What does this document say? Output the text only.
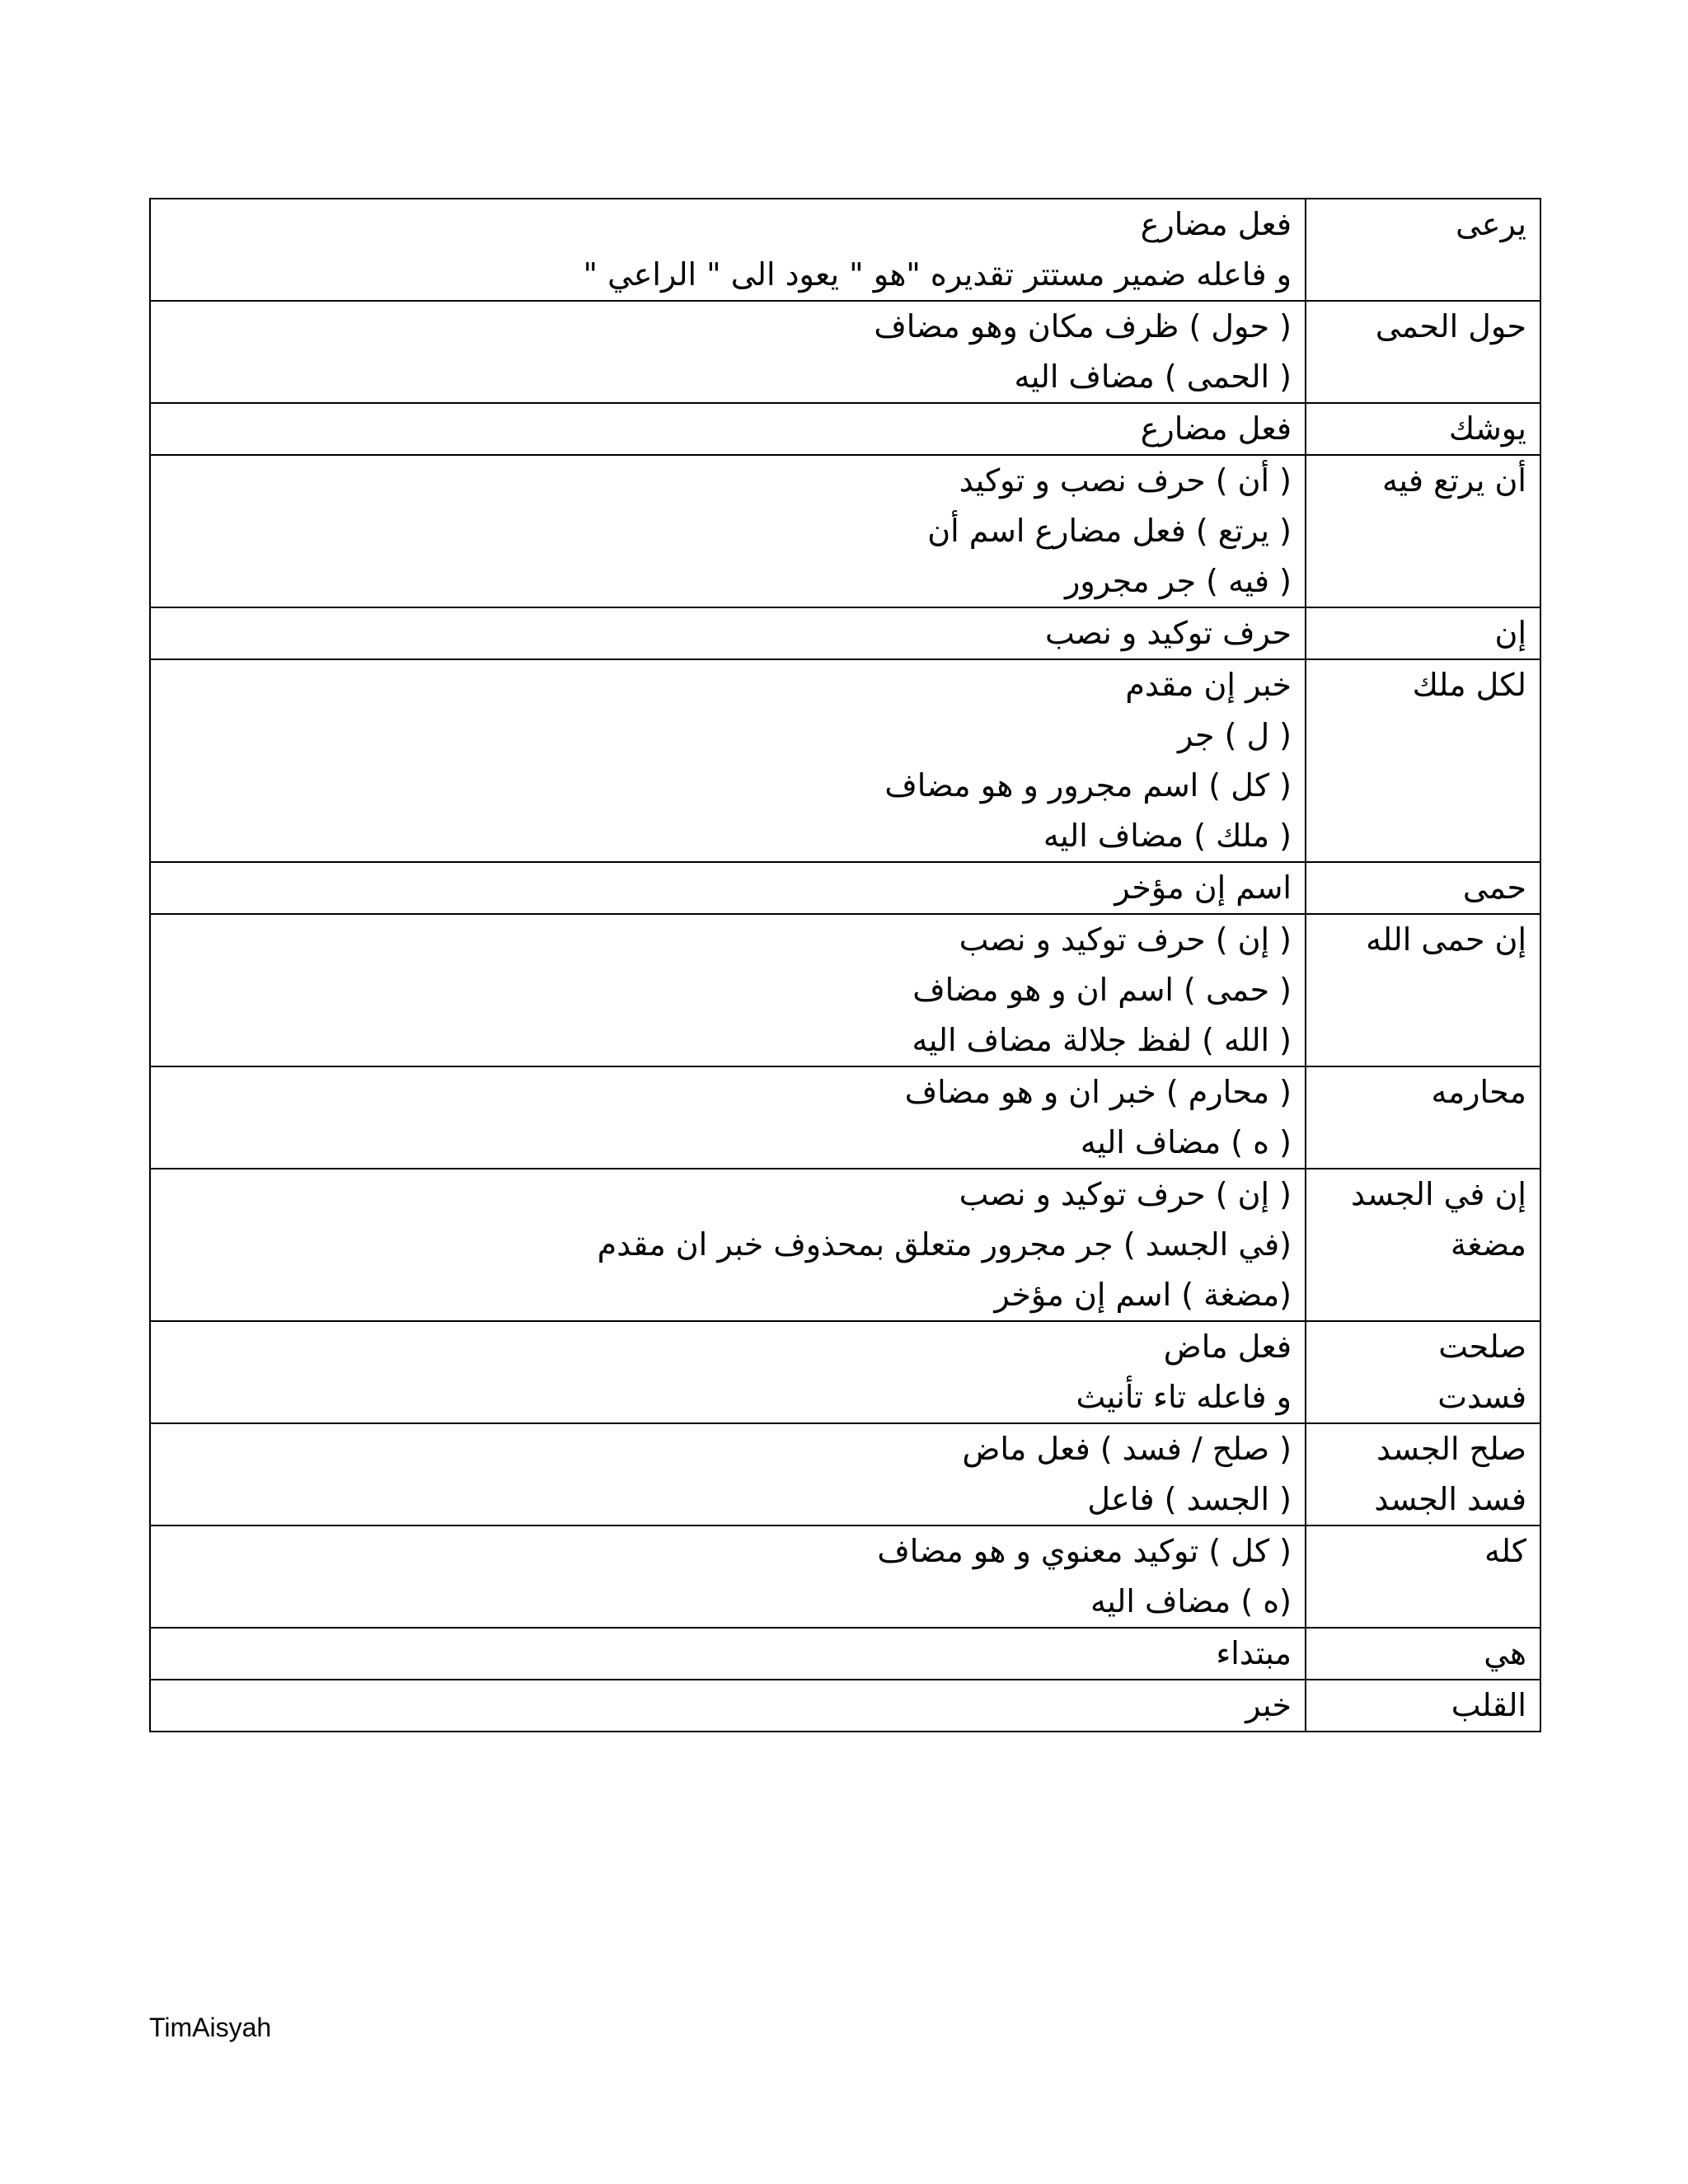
يرعى	فعل مضارع
و فاعله ضمير مستتر تقديره "هو " يعود الى " الراعي "

حول الحمى	( حول ) ظرف مكان وهو مضاف
( الحمى ) مضاف اليه

يوشك	فعل مضارع

أن يرتع فيه	( أن ) حرف نصب و توكيد
( يرتع ) فعل مضارع اسم أن
( فيه ) جر مجرور

إن	حرف توكيد و نصب

لكل ملك	خبر إن مقدم
( ل ) جر
( كل ) اسم مجرور و هو مضاف
( ملك ) مضاف اليه

حمى	اسم إن مؤخر

إن حمى الله	( إن ) حرف توكيد و نصب
( حمى ) اسم ان و هو مضاف
( الله ) لفظ جلالة مضاف اليه

محارمه	( محارم ) خبر ان و هو مضاف
( ه ) مضاف اليه

إن في الجسد
مضغة	( إن ) حرف توكيد و نصب
(في الجسد ) جر مجرور متعلق بمحذوف خبر ان مقدم
(مضغة ) اسم إن مؤخر

صلحت
فسدت	فعل ماض
و فاعله تاء تأنيث

صلح الجسد
فسد الجسد	( صلح / فسد ) فعل ماض
( الجسد ) فاعل

كله	( كل ) توكيد معنوي و هو مضاف
(ه ) مضاف اليه

هي	مبتداء

القلب	خبر
TimAisyah
